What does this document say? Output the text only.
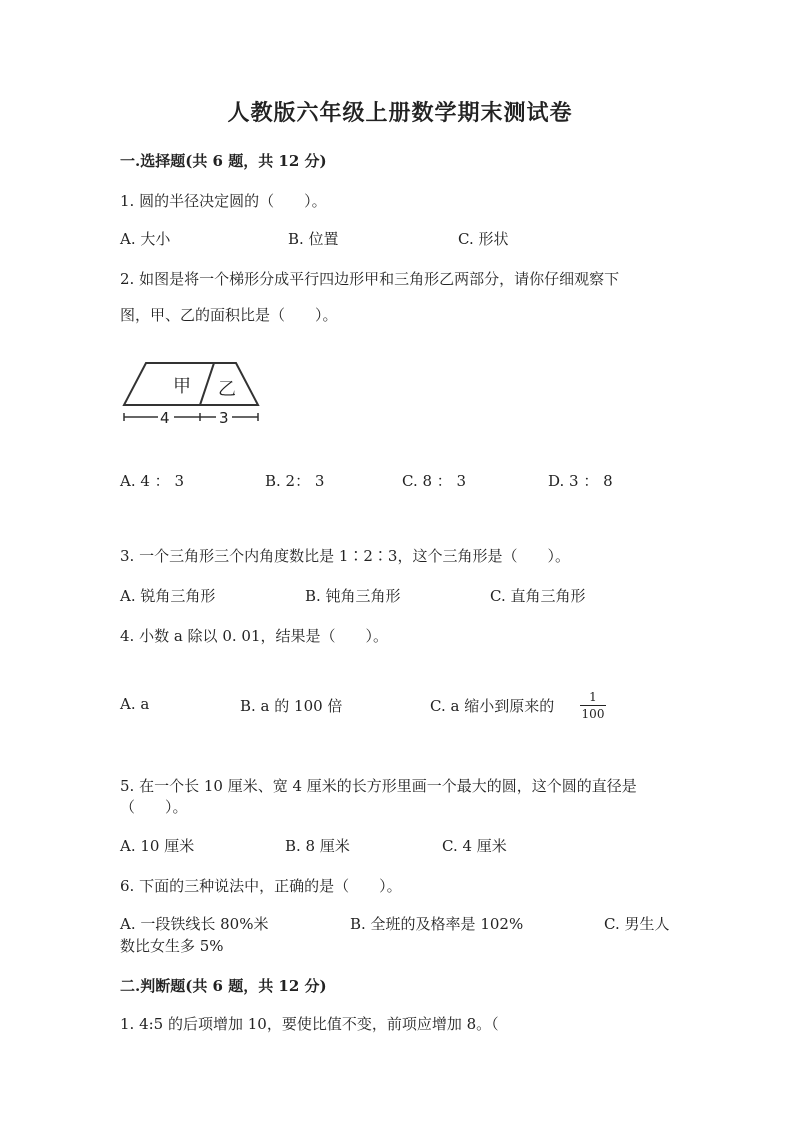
人教版六年级上册数学期末测试卷
一.选择题(共 6 题，共 12 分)
1. 圆的半径决定圆的（　　）。
A. 大小	B. 位置	C. 形状
2. 如图是将一个梯形分成平行四边形甲和三角形乙两部分，请你仔细观察下
图，甲、乙的面积比是（　　）。
甲 乙
4	3
A. 4 ： 3	B. 2： 3	C. 8 ： 3	D. 3 ： 8
3. 一个三角形三个内角度数比是 1∶2∶3，这个三角形是（　　）。
A. 锐角三角形	B. 钝角三角形	C. 直角三角形
4. 小数 a 除以 0. 01，结果是（　　）。
A. a	B. a 的 100 倍	C. a 缩小到原来的	1
100
5. 在一个长 10 厘米、宽 4 厘米的长方形里画一个最大的圆，这个圆的直径是
（　　）。
A. 10 厘米	B. 8 厘米	C. 4 厘米
6. 下面的三种说法中，正确的是（　　）。
A. 一段铁线长 80%米	B. 全班的及格率是 102%	C. 男生人
数比女生多 5%
二.判断题(共 6 题，共 12 分)
1. 4:5 的后项增加 10，要使比值不变，前项应增加 8。（
